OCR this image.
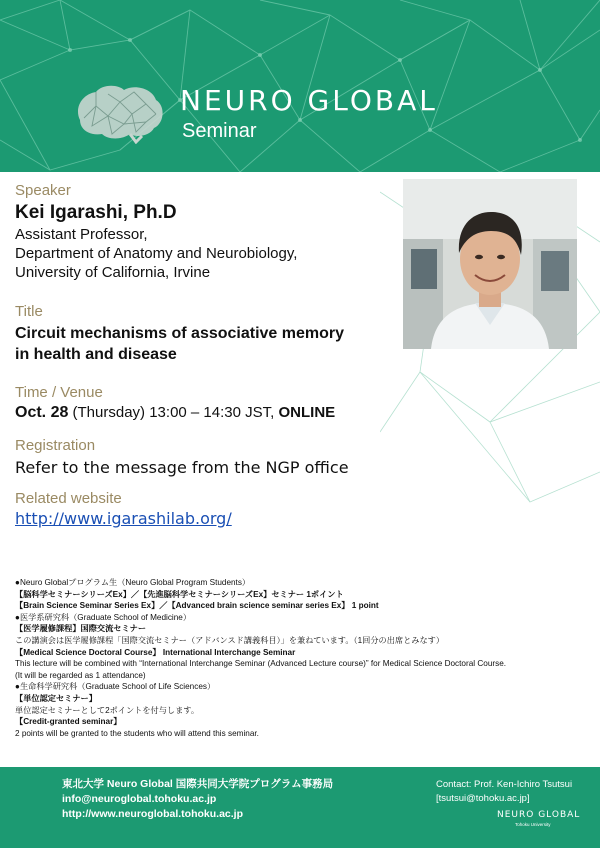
NEURO GLOBAL
Seminar
Speaker
Kei Igarashi, Ph.D
Assistant Professor,
Department of Anatomy and Neurobiology,
University of California, Irvine
Title
Circuit mechanisms of associative memory
in health and disease
Time / Venue
Oct. 28 (Thursday) 13:00 – 14:30 JST, ONLINE
Registration
Refer to the message from the NGP office
Related website
http://www.igarashilab.org/
●Neuro Globalプログラム生（Neuro Global Program Students）
【脳科学セミナーシリーズEx】／【先進脳科学セミナーシリーズEx】セミナー 1ポイント
【Brain Science Seminar Series Ex】／【Advanced brain science seminar series Ex】 1 point
●医学系研究科（Graduate School of Medicine）
【医学履修課程】国際交流セミナー
この講演会は医学履修課程「国際交流セミナー（アドバンスド講義科目）」を兼ねています。（1回分の出席とみなす）
【Medical Science Doctoral Course】 International Interchange Seminar
This lecture will be combined with “International Interchange Seminar (Advanced Lecture course)” for Medical Science Doctoral Course.
(It will be regarded as 1 attendance)
●生命科学研究科（Graduate School of Life Sciences）
【単位認定セミナー】
単位認定セミナーとして2ポイントを付与します。
【Credit-granted seminar】
2 points will be granted to the students who will attend this seminar.
東北大学 Neuro Global 国際共同大学院プログラム事務局
info@neuroglobal.tohoku.ac.jp
http://www.neuroglobal.tohoku.ac.jp
Contact: Prof. Ken-Ichiro Tsutsui
[tsutsui@tohoku.ac.jp]
NEURO GLOBAL
Tohoku University
